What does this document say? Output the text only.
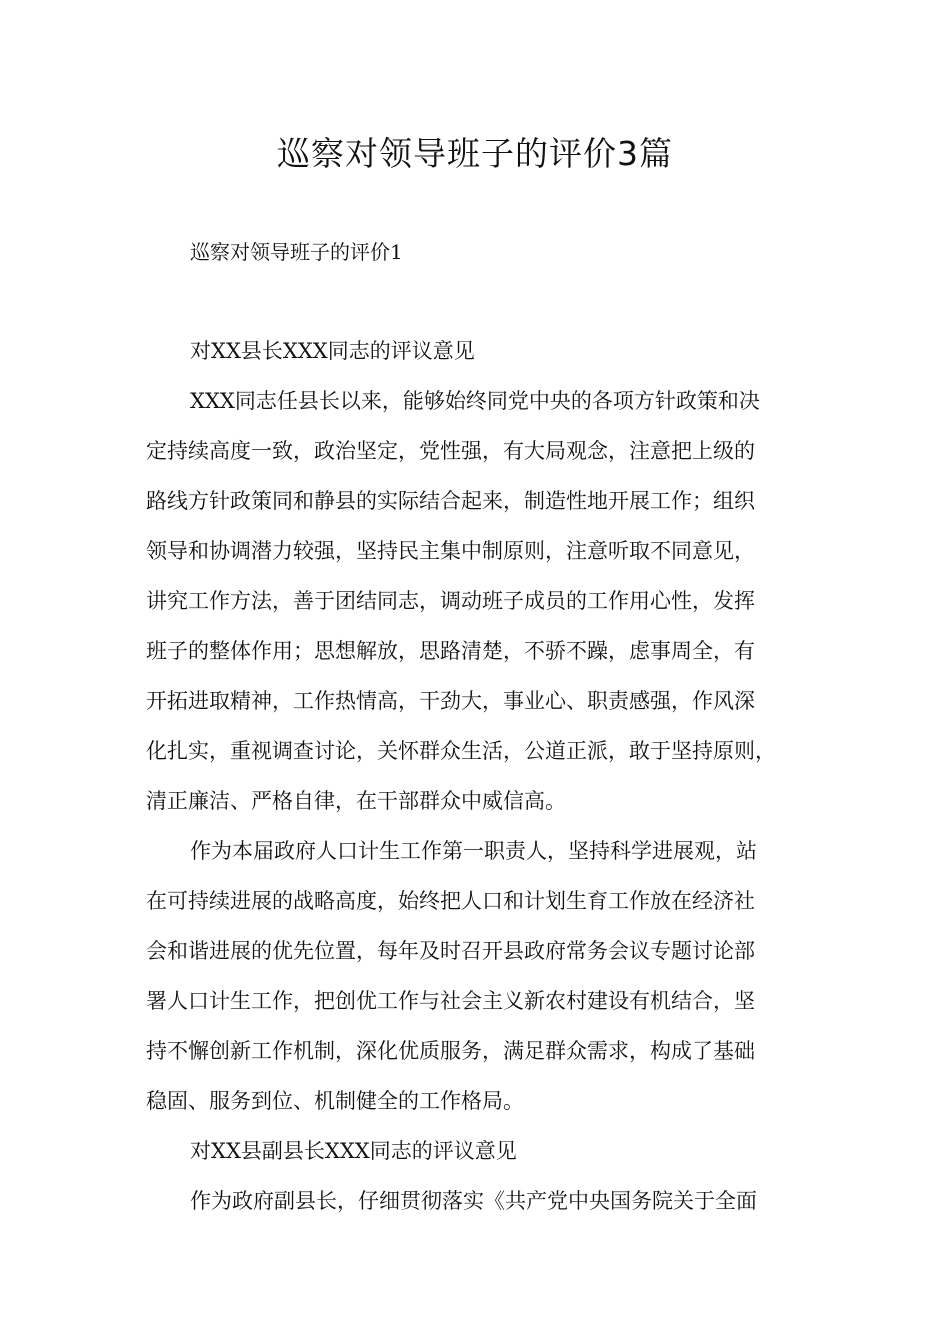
巡察对领导班子的评价3篇
巡察对领导班子的评价1
对XX县长XXX同志的评议意见
XXX同志任县长以来，能够始终同党中央的各项方针政策和决
定持续高度一致，政治坚定，党性强，有大局观念，注意把上级的
路线方针政策同和静县的实际结合起来，制造性地开展工作；组织
领导和协调潜力较强，坚持民主集中制原则，注意听取不同意见，
讲究工作方法，善于团结同志，调动班子成员的工作用心性，发挥
班子的整体作用；思想解放，思路清楚，不骄不躁，虑事周全，有
开拓进取精神，工作热情高，干劲大，事业心、职责感强，作风深
化扎实，重视调查讨论，关怀群众生活，公道正派，敢于坚持原则，
清正廉洁、严格自律，在干部群众中威信高。
作为本届政府人口计生工作第一职责人，坚持科学进展观，站
在可持续进展的战略高度，始终把人口和计划生育工作放在经济社
会和谐进展的优先位置，每年及时召开县政府常务会议专题讨论部
署人口计生工作，把创优工作与社会主义新农村建设有机结合，坚
持不懈创新工作机制，深化优质服务，满足群众需求，构成了基础
稳固、服务到位、机制健全的工作格局。
对XX县副县长XXX同志的评议意见
作为政府副县长，仔细贯彻落实《共产党中央国务院关于全面
